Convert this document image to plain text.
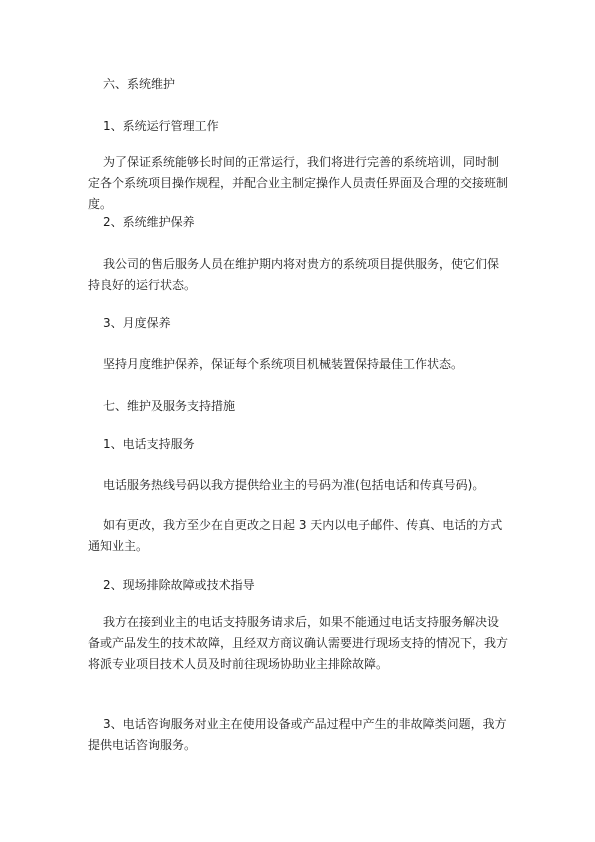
六、系统维护

1、系统运行管理工作

为了保证系统能够长时间的正常运行，我们将进行完善的系统培训，同时制定各个系统项目操作规程，并配合业主制定操作人员责任界面及合理的交接班制度。

2、系统维护保养

我公司的售后服务人员在维护期内将对贵方的系统项目提供服务，使它们保持良好的运行状态。

3、月度保养

坚持月度维护保养，保证每个系统项目机械装置保持最佳工作状态。

七、维护及服务支持措施

1、电话支持服务

电话服务热线号码以我方提供给业主的号码为准(包括电话和传真号码)。

如有更改，我方至少在自更改之日起 3 天内以电子邮件、传真、电话的方式通知业主。

2、现场排除故障或技术指导

我方在接到业主的电话支持服务请求后，如果不能通过电话支持服务解决设备或产品发生的技术故障，且经双方商议确认需要进行现场支持的情况下，我方将派专业项目技术人员及时前往现场协助业主排除故障。

3、电话咨询服务对业主在使用设备或产品过程中产生的非故障类问题，我方提供电话咨询服务。
